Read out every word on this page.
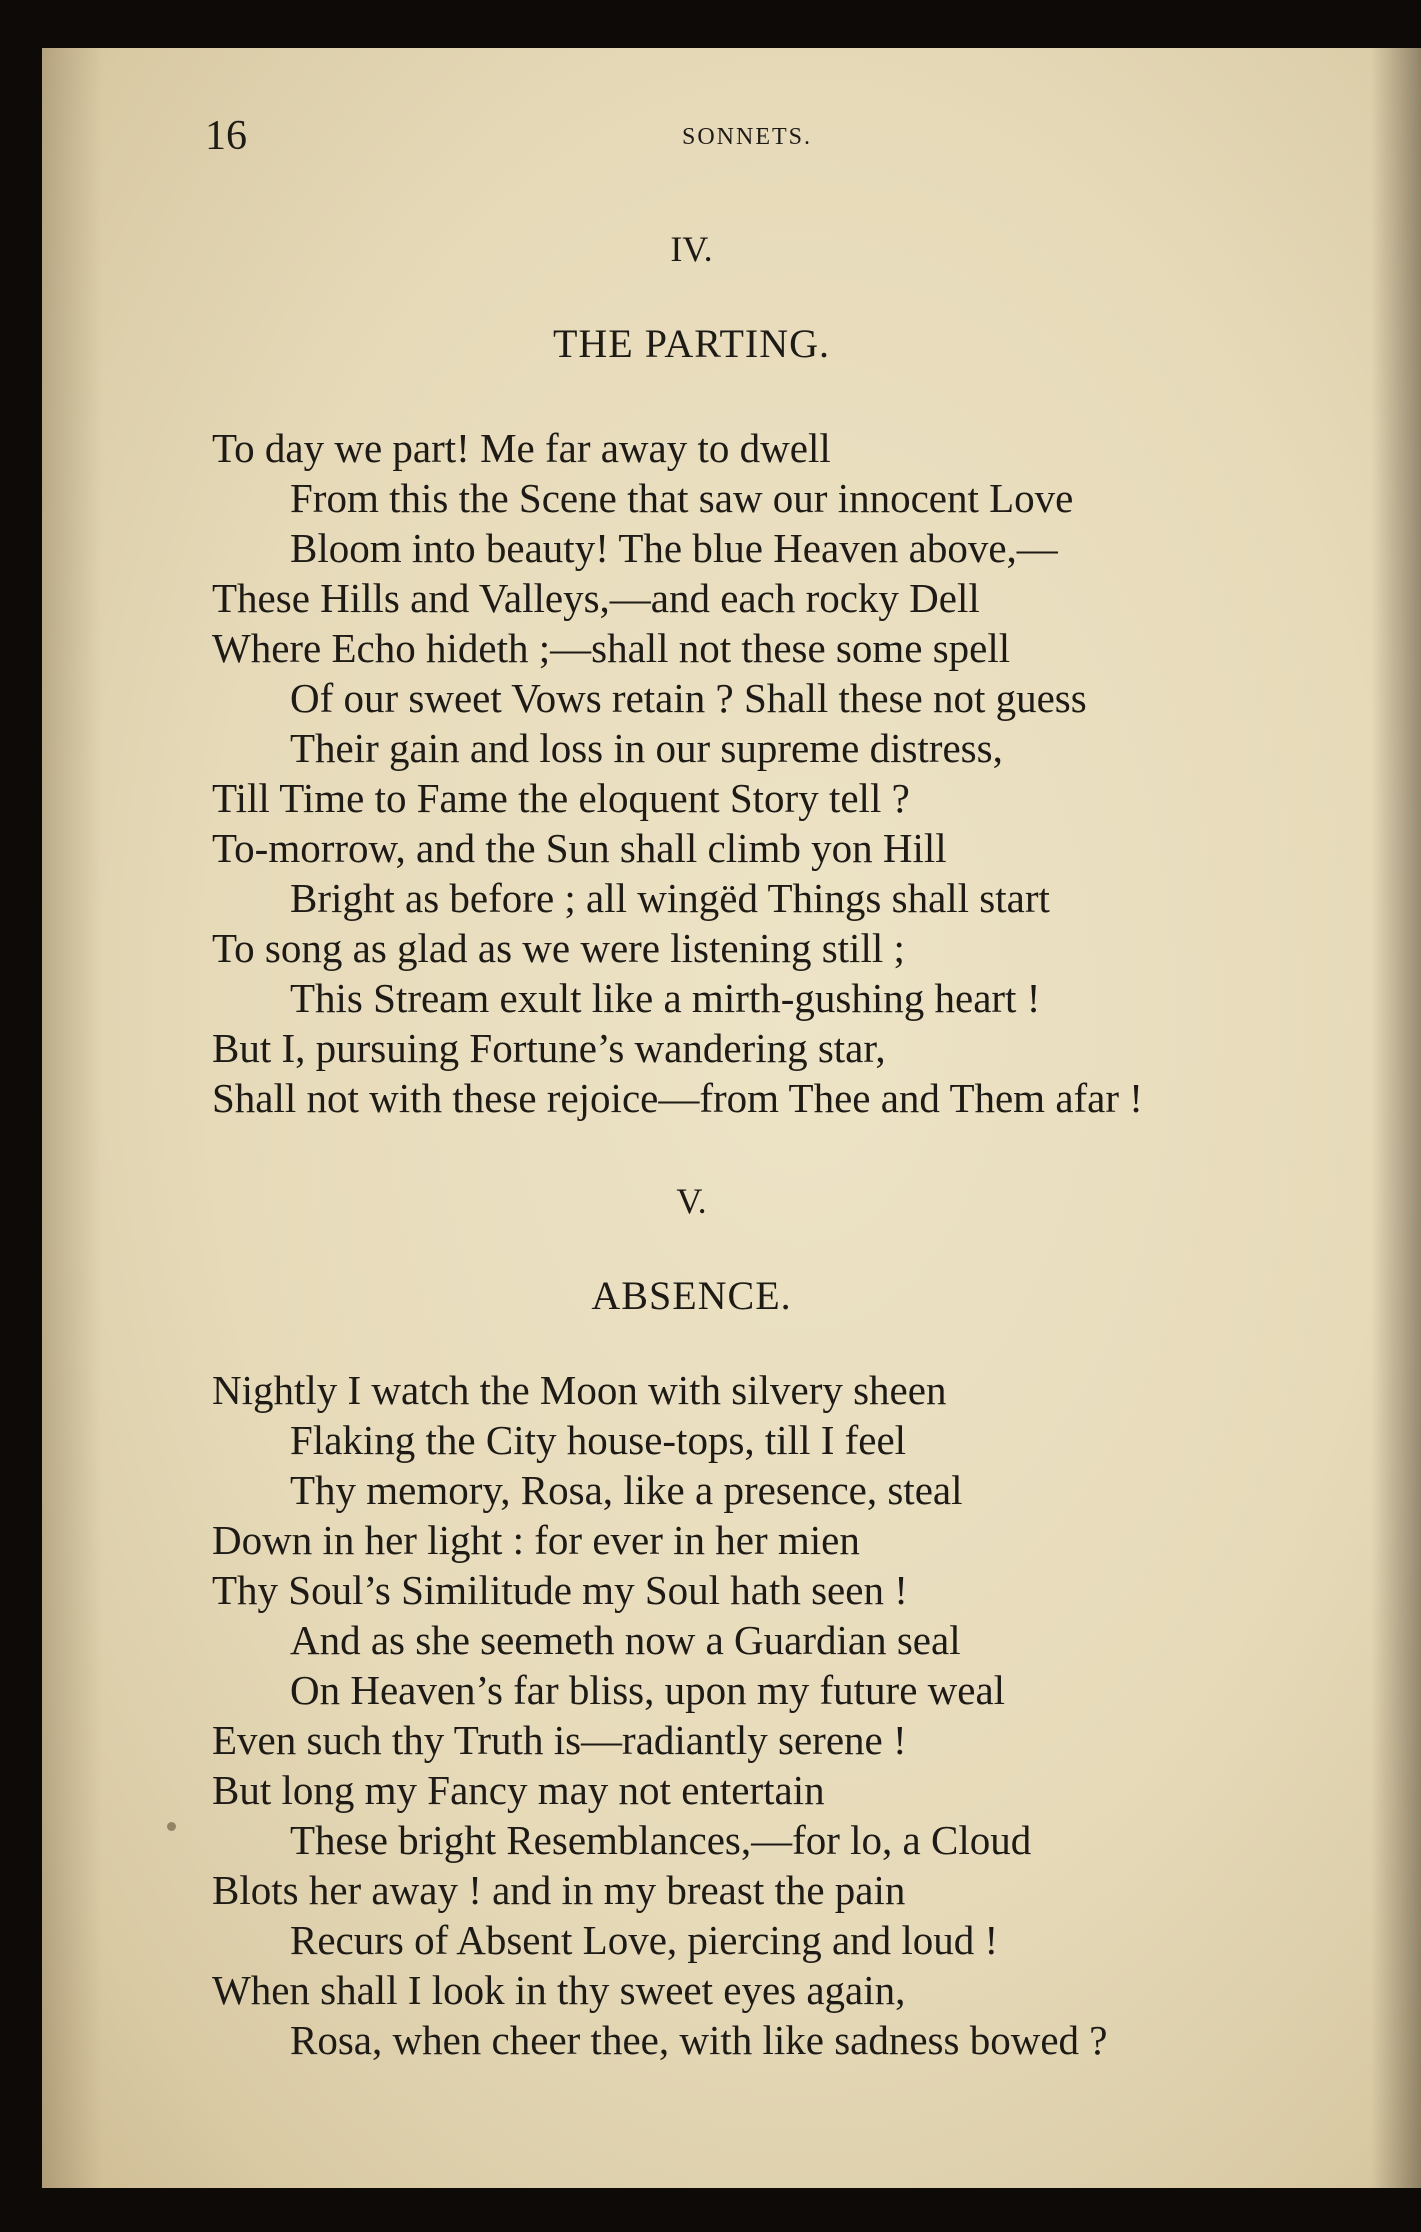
16	SONNETS.
IV.
THE PARTING.
To day we part! Me far away to dwell
From this the Scene that saw our innocent Love
Bloom into beauty! The blue Heaven above,—
These Hills and Valleys,—and each rocky Dell
Where Echo hideth ;—shall not these some spell
Of our sweet Vows retain ? Shall these not guess
Their gain and loss in our supreme distress,
Till Time to Fame the eloquent Story tell ?
To-morrow, and the Sun shall climb yon Hill
Bright as before ; all wingëd Things shall start
To song as glad as we were listening still ;
This Stream exult like a mirth-gushing heart !
But I, pursuing Fortune’s wandering star,
Shall not with these rejoice—from Thee and Them afar !
V.
ABSENCE.
Nightly I watch the Moon with silvery sheen
Flaking the City house-tops, till I feel
Thy memory, Rosa, like a presence, steal
Down in her light : for ever in her mien
Thy Soul’s Similitude my Soul hath seen !
And as she seemeth now a Guardian seal
On Heaven’s far bliss, upon my future weal
Even such thy Truth is—radiantly serene !
But long my Fancy may not entertain
These bright Resemblances,—for lo, a Cloud
Blots her away ! and in my breast the pain
Recurs of Absent Love, piercing and loud !
When shall I look in thy sweet eyes again,
Rosa, when cheer thee, with like sadness bowed ?
